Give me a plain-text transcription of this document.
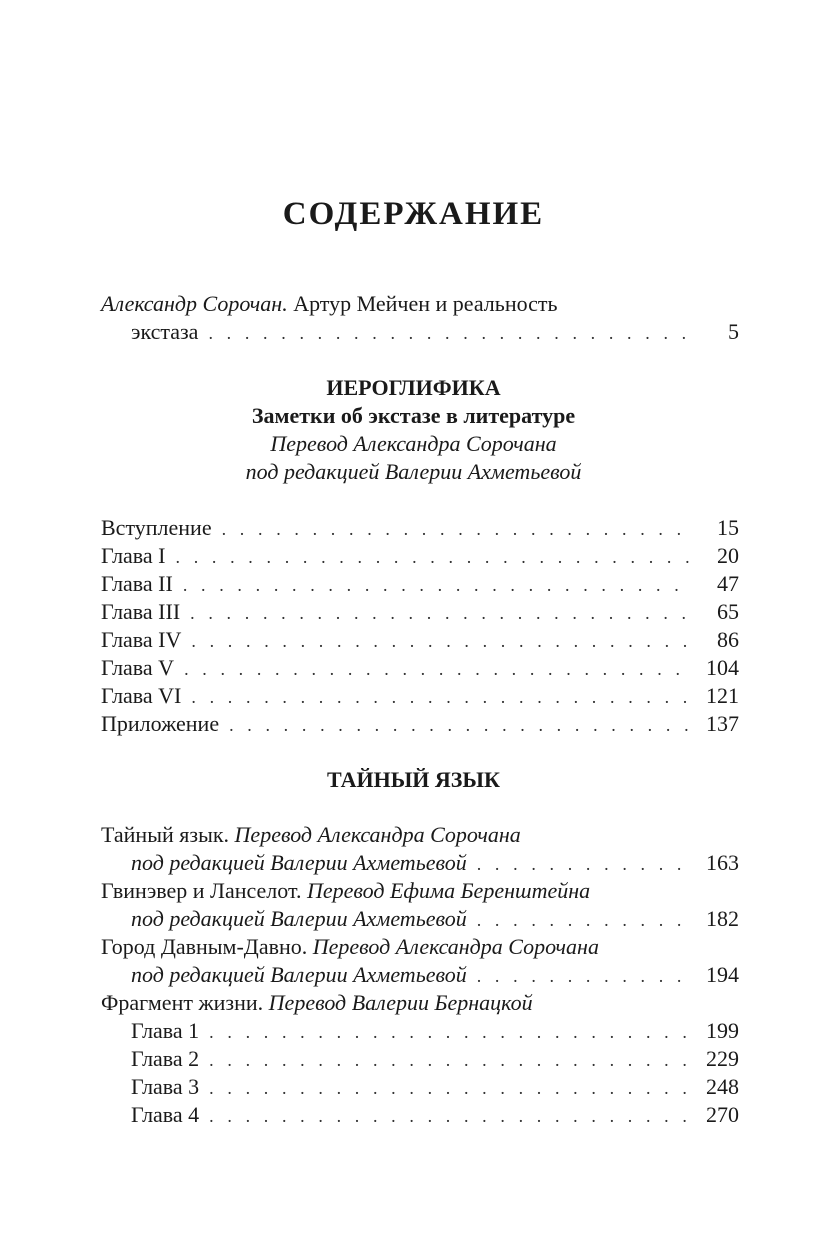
СОДЕРЖАНИЕ
Александр Сорочан. Артур Мейчен и реальность
экстаза . . .	5
ИЕРОГЛИФИКА
Заметки об экстазе в литературе
Перевод Александра Сорочана
под редакцией Валерии Ахметьевой
Вступление . . .	15
Глава I . . .	20
Глава II . . .	47
Глава III . . .	65
Глава IV . . .	86
Глава V . . .	104
Глава VI . . .	121
Приложение . . .	137
ТАЙНЫЙ ЯЗЫК
Тайный язык. Перевод Александра Сорочана
под редакцией Валерии Ахметьевой . . .	163
Гвинэвер и Ланселот. Перевод Ефима Беренштейна
под редакцией Валерии Ахметьевой . . .	182
Город Давным-Давно. Перевод Александра Сорочана
под редакцией Валерии Ахметьевой . . .	194
Фрагмент жизни. Перевод Валерии Бернацкой
Глава 1 . . .	199
Глава 2 . . .	229
Глава 3 . . .	248
Глава 4 . . .	270
